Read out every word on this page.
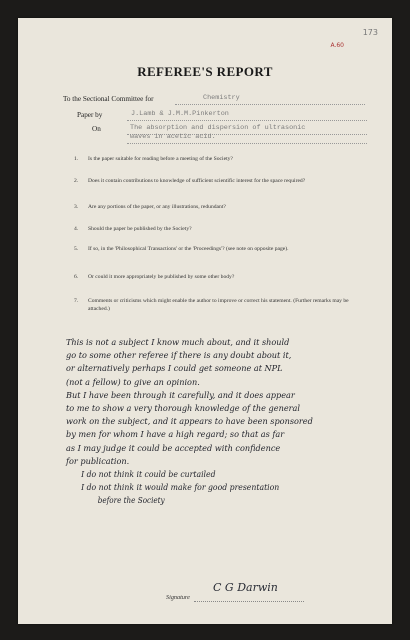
173
A.60
REFEREE'S REPORT
To the Sectional Committee for	Chemistry
Paper by	J.Lamb & J.M.M.Pinkerton
On	The absorption and dispersion of ultrasonic
waves in acetic acid.
1. Is the paper suitable for reading before a meeting of the Society?
2. Does it contain contributions to knowledge of sufficient scientific interest for the space required?
3. Are any portions of the paper, or any illustrations, redundant?
4. Should the paper be published by the Society?
5. If so, in the 'Philosophical Transactions' or the 'Proceedings'? (see note on opposite page).
6. Or could it more appropriately be published by some other body?
7. Comments or criticisms which might enable the author to improve or correct his statement. (Further remarks may be attached.)
This is not a subject I know much about, and it should
go to some other referee if there is any doubt about it,
or alternatively perhaps I could get someone at NPL
(not a fellow) to give an opinion.
But I have been through it carefully, and it does appear
to me to show a very thorough knowledge of the general
work on the subject, and it appears to have been sponsored
by men for whom I have a high regard; so that as far
as I may judge it could be accepted with confidence
for publication.
I do not think it could be curtailed
I do not think it would make for good presentation
before the Society
Signature
C G Darwin
